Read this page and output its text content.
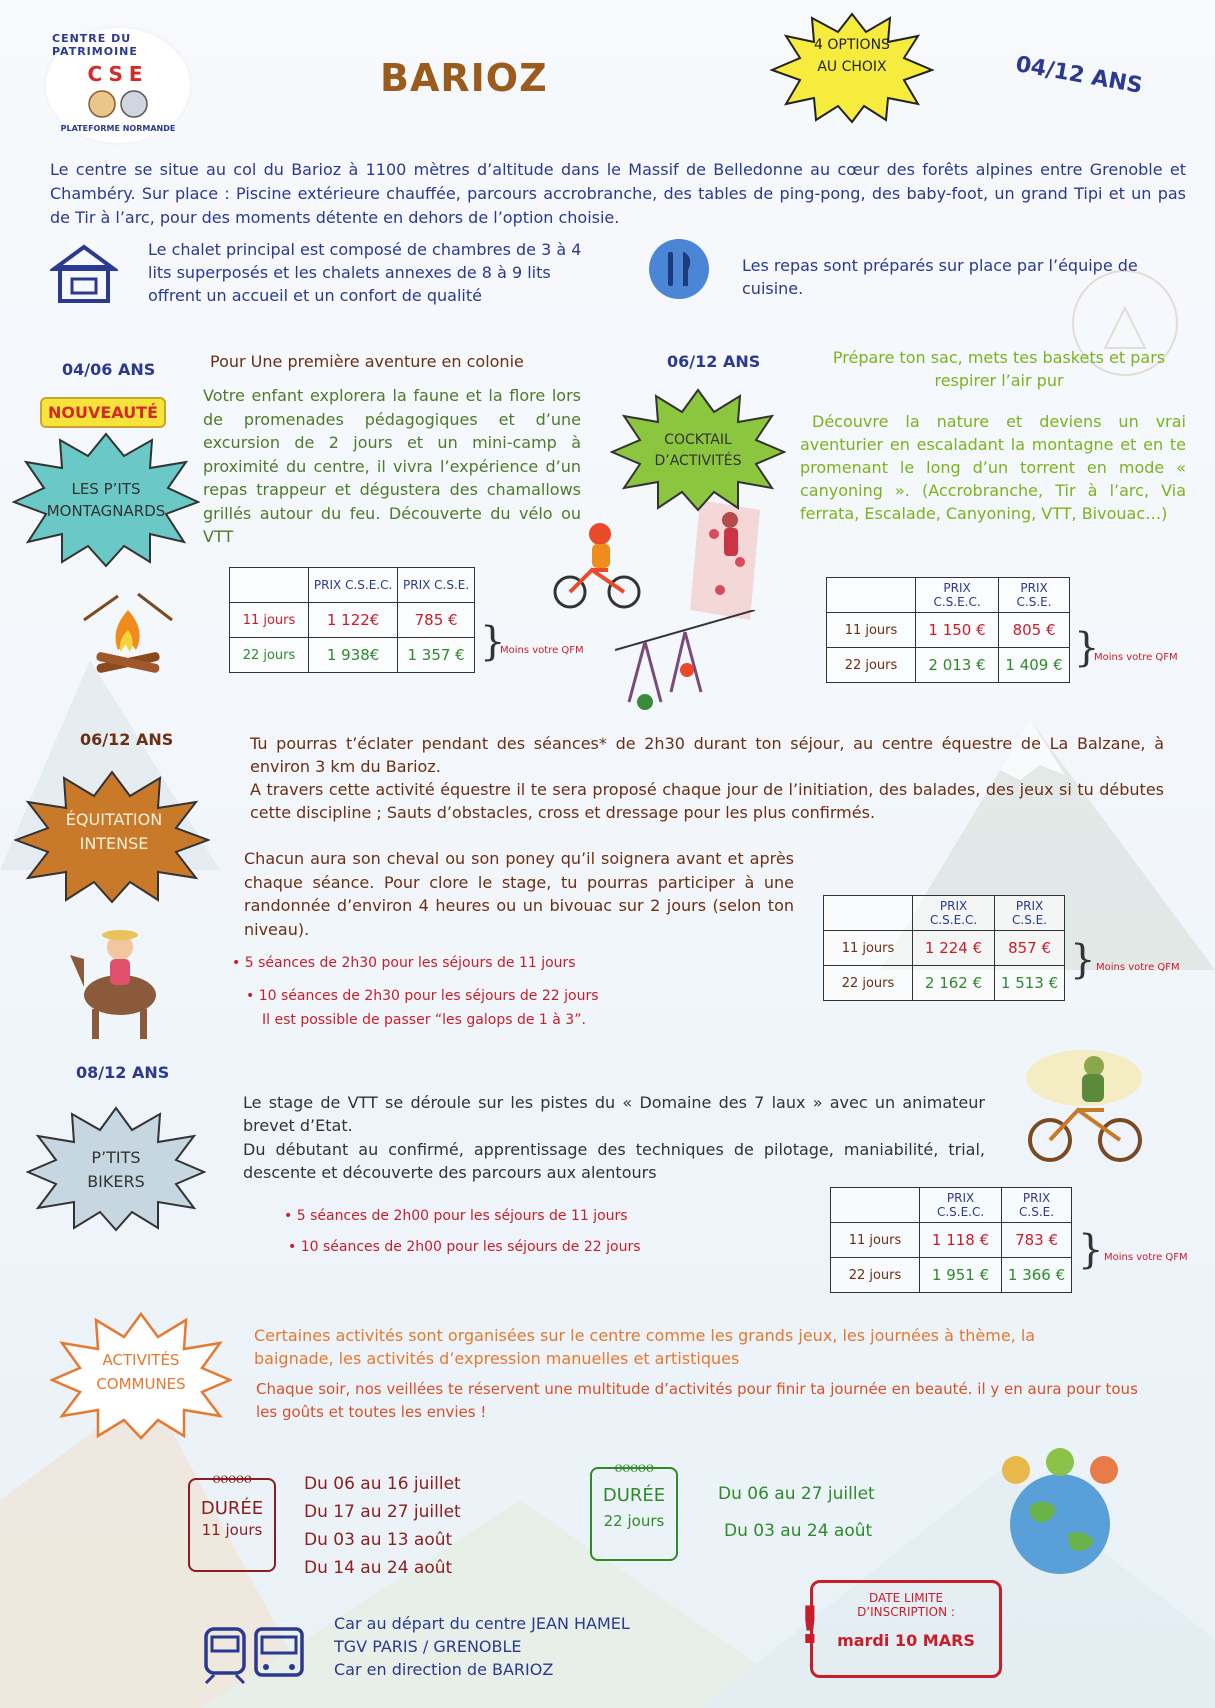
CENTRE DU PATRIMOINE
CSE
PLATEFORME NORMANDE
BARIOZ
4 OPTIONS
AU CHOIX	04/12 ANS
Le centre se situe au col du Barioz à 1100 mètres d’altitude dans le Massif de Belledonne au cœur des forêts alpines entre Grenoble et Chambéry. Sur place : Piscine extérieure chauffée, parcours accrobranche, des tables de ping-pong, des baby-foot, un grand Tipi et un pas de Tir à l’arc, pour des moments détente en dehors de l’option choisie.
Le chalet principal est composé de chambres de 3 à 4 lits superposés et les chalets annexes de 8 à 9 lits offrent un accueil et un confort de qualité
Les repas sont préparés sur place par l’équipe de cuisine.
04/06 ANS
NOUVEAUTÉ
LES P’ITS
MONTAGNARDS
Pour Une première aventure en colonie
Votre enfant explorera la faune et la flore lors de promenades pédagogiques et d’une excursion de 2 jours et un mini-camp à proximité du centre, il vivra l’expérience d’un repas trappeur et dégustera des chamallows grillés autour du feu. Découverte du vélo ou VTT
	PRIX C.S.E.C.	PRIX C.S.E.
11 jours	1 122€	785 €
22 jours	1 938€	1 357 € }
Moins votre QFM
06/12 ANS
COCKTAIL
D’ACTIVITÉS
Prépare ton sac, mets tes baskets et pars respirer l’air pur
Découvre la nature et deviens un vrai aventurier en escaladant la montagne et en te promenant le long d’un torrent en mode « canyoning ». (Accrobranche, Tir à l’arc, Via ferrata, Escalade, Canyoning, VTT, Bivouac…)
	PRIX C.S.E.C.	PRIX C.S.E.
11 jours	1 150 €	805 €
22 jours	2 013 €	1 409 € }
Moins votre QFM
06/12 ANS
ÉQUITATION
INTENSE
Tu pourras t’éclater pendant des séances* de 2h30 durant ton séjour, au centre équestre de La Balzane, à environ 3 km du Barioz.
A travers cette activité équestre il te sera proposé chaque jour de l’initiation, des balades, des jeux si tu débutes cette discipline ; Sauts d’obstacles, cross et dressage pour les plus confirmés.
Chacun aura son cheval ou son poney qu’il soignera avant et après chaque séance. Pour clore le stage, tu pourras participer à une randonnée d’environ 4 heures ou un bivouac sur 2 jours (selon ton niveau).
• 5 séances de 2h30 pour les séjours de 11 jours
• 10 séances de 2h30 pour les séjours de 22 jours
Il est possible de passer “les galops de 1 à 3”.
	PRIX C.S.E.C.	PRIX C.S.E.
11 jours	1 224 €	857 €
22 jours	2 162 €	1 513 € } Moins votre QFM
08/12 ANS
P’TITS
BIKERS
Le stage de VTT se déroule sur les pistes du « Domaine des 7 laux » avec un animateur brevet d’Etat.
Du débutant au confirmé, apprentissage des techniques de pilotage, maniabilité, trial, descente et découverte des parcours aux alentours
• 5 séances de 2h00 pour les séjours de 11 jours
• 10 séances de 2h00 pour les séjours de 22 jours
	PRIX C.S.E.C.	PRIX C.S.E.
11 jours	1 118 €	783 €
22 jours	1 951 €	1 366 €
} Moins votre QFM
ACTIVITÉS
COMMUNES
Certaines activités sont organisées sur le centre comme les grands jeux, les journées à thème, la baignade, les activités d’expression manuelles et artistiques
Chaque soir, nos veillées te réservent une multitude d’activités pour finir ta journée en beauté. il y en aura pour tous les goûts et toutes les envies !
ⲟⲟⲟⲟⲟ
DURÉE
11 jours
Du 06 au 16 juillet
Du 17 au 27 juillet
Du 03 au 13 août
Du 14 au 24 août
ⲟⲟⲟⲟⲟ
DURÉE
22 jours
Du 06 au 27 juillet
Du 03 au 24 août
Car au départ du centre JEAN HAMEL
TGV PARIS / GRENOBLE
Car en direction de BARIOZ
!	DATE LIMITE
D’INSCRIPTION :
mardi 10 MARS
